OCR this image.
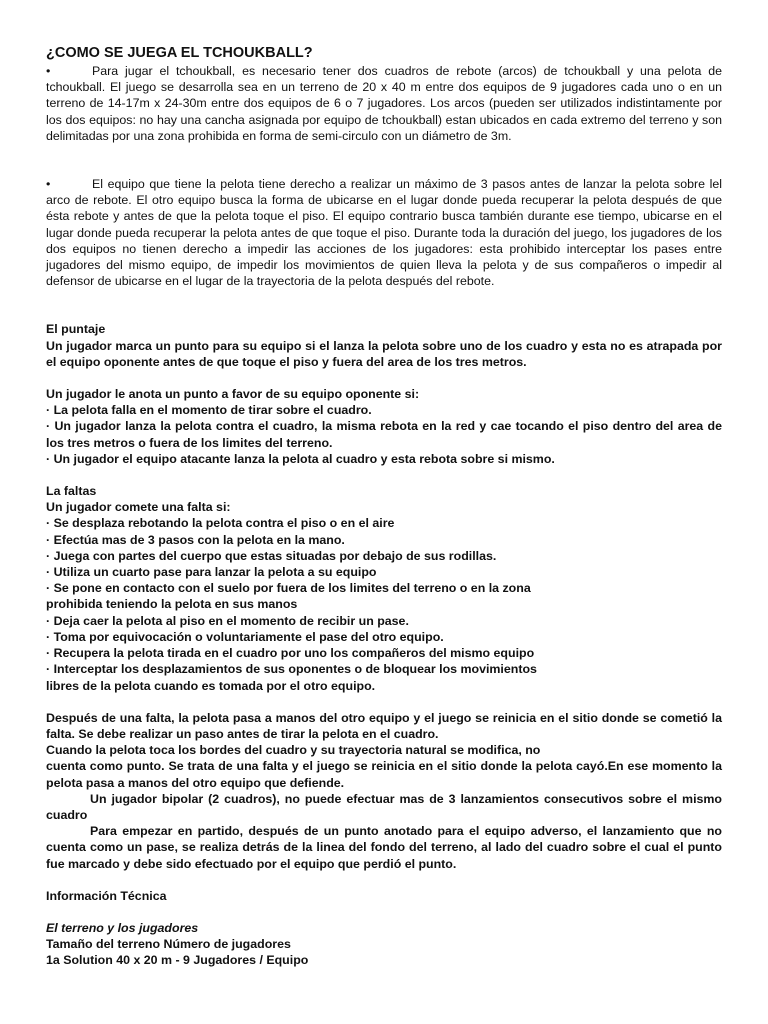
¿COMO SE JUEGA EL TCHOUKBALL?

•	Para jugar el tchoukball, es necesario tener dos cuadros de rebote (arcos) de tchoukball y una pelota de tchoukball. El juego se desarrolla sea en un terreno de 20 x 40 m entre dos equipos de 9 jugadores cada uno o en un terreno de 14-17m x 24-30m entre dos equipos de 6 o 7 jugadores. Los arcos (pueden ser utilizados indistintamente por los dos equipos: no hay una cancha asignada por equipo de tchoukball) estan ubicados en cada extremo del terreno y son delimitadas por una zona prohibida en forma de semi-circulo con un diámetro de 3m.

•	El equipo que tiene la pelota tiene derecho a realizar un máximo de 3 pasos antes de lanzar la pelota sobre lel arco de rebote. El otro equipo busca la forma de ubicarse en el lugar donde pueda recuperar la pelota después de que ésta rebote y antes de que la pelota toque el piso. El equipo contrario busca también durante ese tiempo, ubicarse en el lugar donde pueda recuperar la pelota antes de que toque el piso. Durante toda la duración del juego, los jugadores de los dos equipos no tienen derecho a impedir las acciones de los jugadores: esta prohibido interceptar los pases entre jugadores del mismo equipo, de impedir los movimientos de quien lleva la pelota y de sus compañeros o impedir al defensor de ubicarse en el lugar de la trayectoria de la pelota después del rebote.

El puntaje

Un jugador marca un punto para su equipo si el lanza la pelota sobre uno de los cuadro y esta no es atrapada por el equipo oponente antes de que toque el piso y fuera del area de los tres metros.

Un jugador le anota un punto a favor de su equipo oponente si:

· La pelota falla en el momento de tirar sobre el cuadro.

· Un jugador lanza la pelota contra el cuadro, la misma rebota en la red y cae tocando el piso dentro del area de los tres metros o fuera de los limites del terreno.

· Un jugador el equipo atacante lanza la pelota al cuadro y esta rebota sobre si mismo.

La faltas

Un jugador comete una falta si:

· Se desplaza rebotando la pelota contra el piso o en el aire

· Efectúa mas de 3 pasos con la pelota en la mano.

· Juega con partes del cuerpo que estas situadas por debajo de sus rodillas.

· Utiliza un cuarto pase para lanzar la pelota a su equipo

· Se pone en contacto con el suelo por fuera de los limites del terreno o en la zona

prohibida teniendo la pelota en sus manos

· Deja caer la pelota al piso en el momento de recibir un pase.

· Toma por equivocación o voluntariamente el pase del otro equipo.

· Recupera la pelota tirada en el cuadro por uno los compañeros del mismo equipo

· Interceptar los desplazamientos de sus oponentes o de bloquear los movimientos

libres de la pelota cuando es tomada por el otro equipo.

Después de una falta, la pelota pasa a manos del otro equipo y el juego se reinicia en el sitio donde se cometió la falta. Se debe realizar un paso antes de tirar la pelota en el cuadro.

Cuando la pelota toca los bordes del cuadro y su trayectoria natural se modifica, no

cuenta como punto. Se trata de una falta y el juego se reinicia en el sitio donde la pelota cayó.En ese momento la pelota pasa a manos del otro equipo que defiende.

Un jugador bipolar (2 cuadros), no puede efectuar mas de 3 lanzamientos consecutivos sobre el mismo cuadro

Para empezar en partido, después de un punto anotado para el equipo adverso, el lanzamiento que no cuenta como un pase, se realiza detrás de la linea del fondo del terreno, al lado del cuadro sobre el cual el punto fue marcado y debe sido efectuado por el equipo que perdió el punto.

Información Técnica

El terreno y los jugadores

Tamaño del terreno Número de jugadores

1a Solution 40 x 20 m - 9 Jugadores / Equipo
